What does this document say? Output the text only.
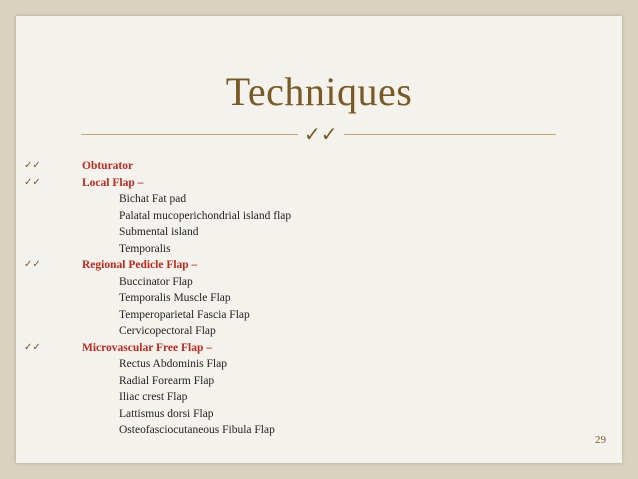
Techniques
✓✓
✓✓	Obturator
✓✓	Local Flap –
Bichat Fat pad
Palatal mucoperichondrial island flap
Submental island
Temporalis
✓✓	Regional Pedicle Flap –
Buccinator Flap
Temporalis Muscle Flap
Temperoparietal Fascia Flap
Cervicopectoral Flap
✓✓	Microvascular Free Flap –
Rectus Abdominis Flap
Radial Forearm Flap
Iliac crest Flap
Lattismus dorsi Flap
Osteofasciocutaneous Fibula Flap
29
